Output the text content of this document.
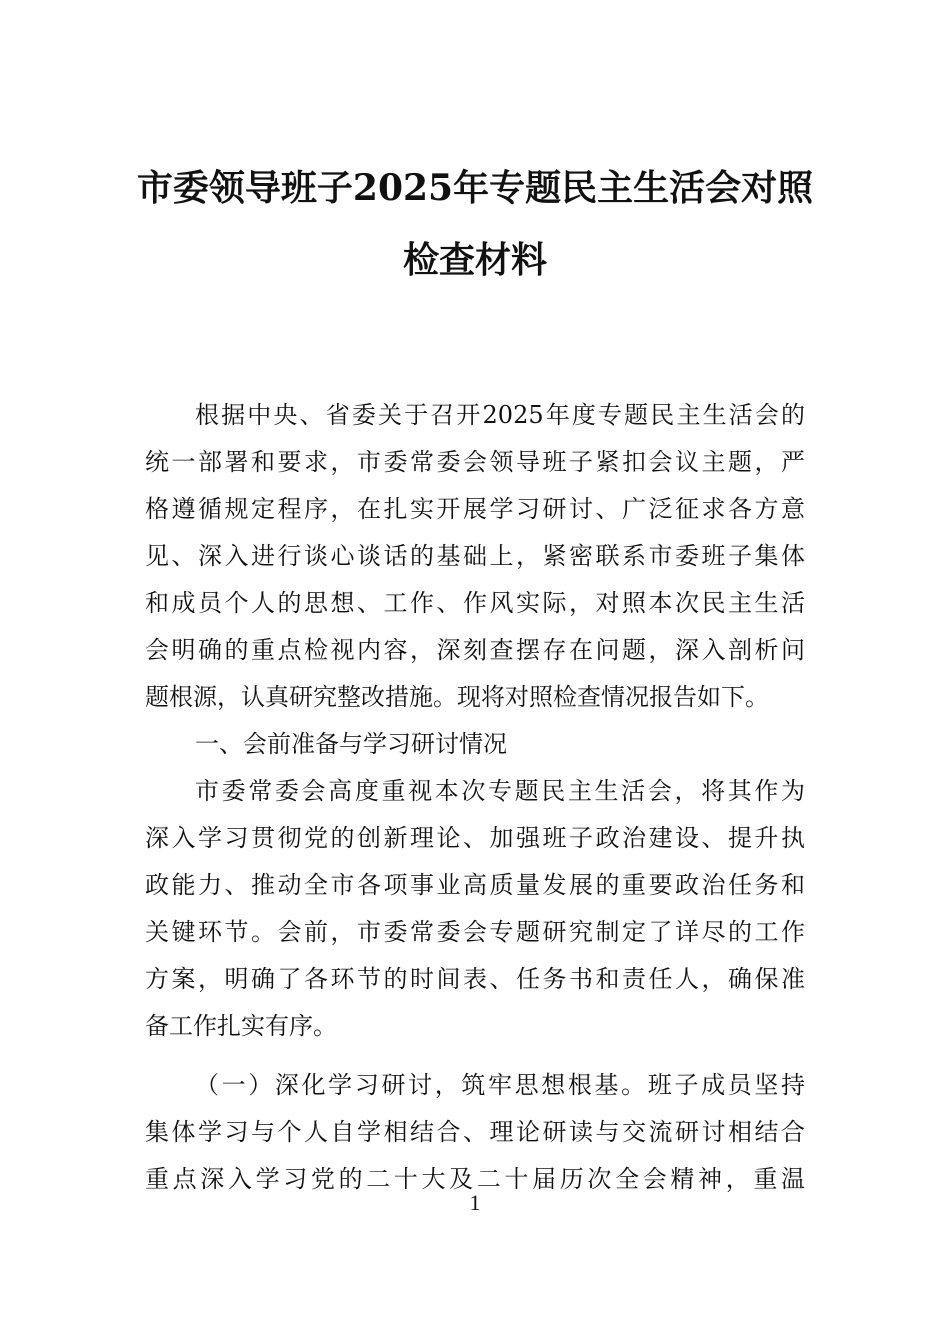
市委领导班子2025年专题民主生活会对照
检查材料
根据中央、省委关于召开2025年度专题民主生活会的
统一部署和要求，市委常委会领导班子紧扣会议主题，严
格遵循规定程序，在扎实开展学习研讨、广泛征求各方意
见、深入进行谈心谈话的基础上，紧密联系市委班子集体
和成员个人的思想、工作、作风实际，对照本次民主生活
会明确的重点检视内容，深刻查摆存在问题，深入剖析问
题根源，认真研究整改措施。现将对照检查情况报告如下。
一、会前准备与学习研讨情况
市委常委会高度重视本次专题民主生活会，将其作为
深入学习贯彻党的创新理论、加强班子政治建设、提升执
政能力、推动全市各项事业高质量发展的重要政治任务和
关键环节。会前，市委常委会专题研究制定了详尽的工作
方案，明确了各环节的时间表、任务书和责任人，确保准
备工作扎实有序。
（一）深化学习研讨，筑牢思想根基。班子成员坚持
集体学习与个人自学相结合、理论研读与交流研讨相结合
重点深入学习党的二十大及二十届历次全会精神，重温
1
